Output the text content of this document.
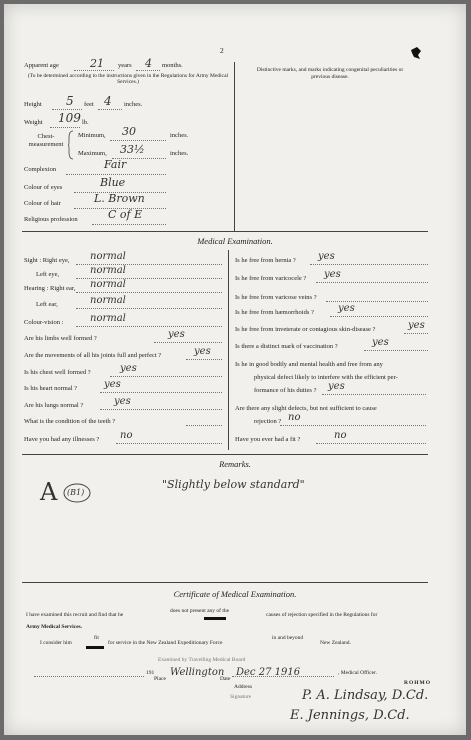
2
Apparent age	21 years 4 months.
(To be determined according to the instructions given in the Regulations for Army Medical Services.)
Distinctive marks, and marks indicating congenital peculiarities or previous disease.
Height 5 feet 4 inches.
Weight 109 lb.
Chest-measurement
Minimum, 30	inches.
Maximum, 33½	inches.
Complexion	Fair
Colour of eyes	Blue
Colour of hair	L. Brown
Religious profession	C of E
Medical Examination.
Is he in good bodily and mental health and free from any
physical defect likely to interfere with the efficient per-
formance of his duties ? yes
Are there any slight defects, but not sufficient to cause
rejection ? no
Have you ever had a fit ?	no
Remarks.
A (B1)
"Slightly below standard"
Certificate of Medical Examination.
I have examined this recruit and find that he
does not present any of the
causes of rejection specified in the Regulations for
Army Medical Services.
I consider him
fit
for service in the New Zealand Expeditionary Force
in and beyond
New Zealand.
191
Examined by Travelling Medical Board
Place
Wellington
Date
Dec 27 1916	, Medical Officer.
Address
Signature
ROHMO
P. A. Lindsay, D.Cd.
E. Jennings, D.Cd.
Sight : Right eye, normal
Left eye,	normal
Hearing : Right ear, normal
Left ear,	normal
Colour-vision :	normal
Are his limbs well formed ?	yes
Are the movements of all his joints full and perfect ?	yes
Is his chest well formed ?	yes
Is his heart normal ?	yes
Are his lungs normal ?	yes
What is the condition of the teeth ?
Have you had any illnesses ? no
Is he free from hernia ? yes
Is he free from varicocele ? yes
Is he free from varicose veins ?
Is he free from hæmorrhoids ? yes
Is he free from inveterate or contagious skin-disease ?	yes
Is there a distinct mark of vaccination ?	yes
